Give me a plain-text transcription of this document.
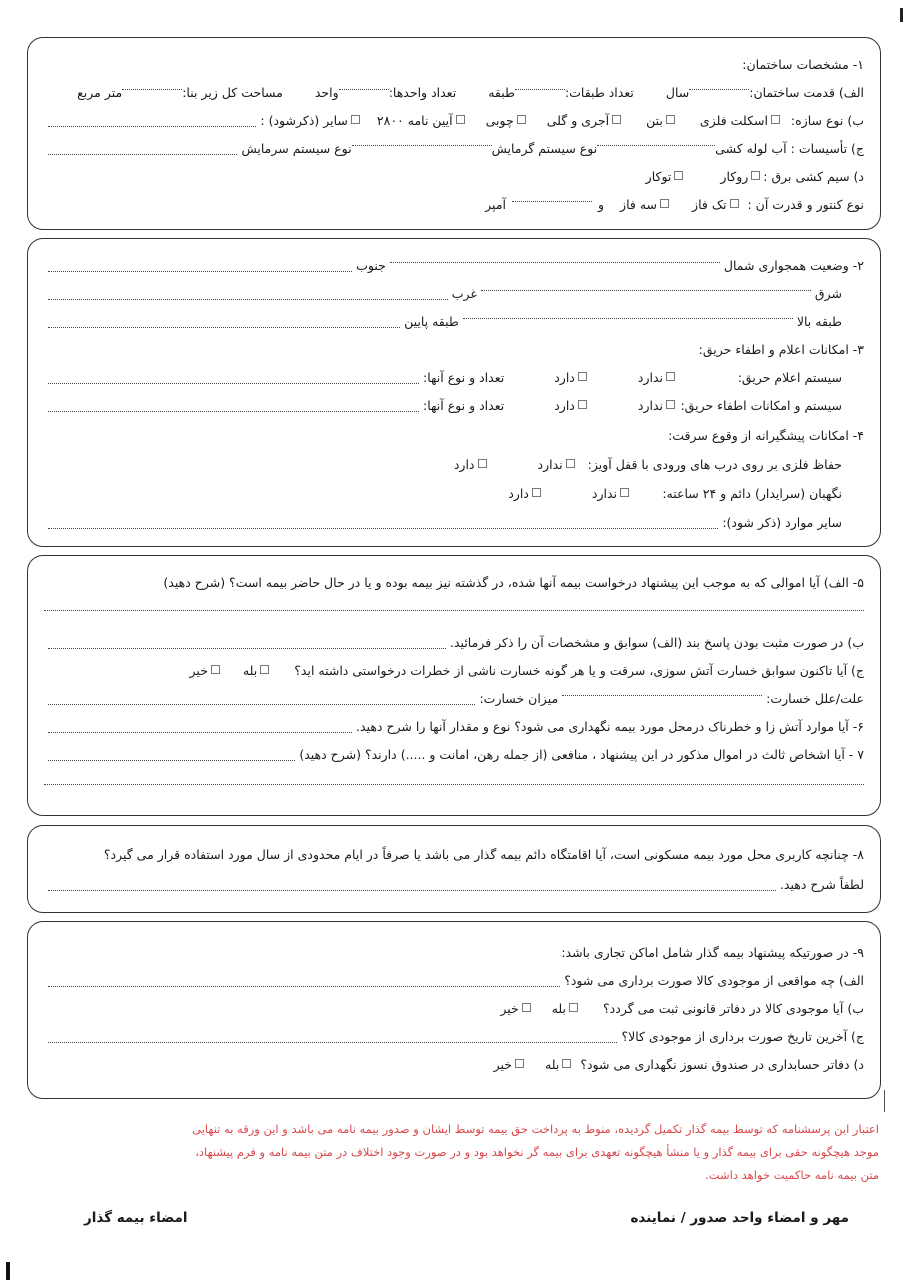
۱- مشخصات ساختمان:
الف) قدمت ساختمان:
سال
تعداد طبقات:
طبقه
تعداد واحدها:
واحد
مساحت کل زیر بنا:
متر مربع
ب) نوع سازه:
اسکلت فلزی
بتن
آجری و گلی
چوبی
آیین نامه ۲۸۰۰
سایر (ذکرشود) :
ج) تأسیسات : آب لوله کشی
نوع سیستم گرمایش
نوع سیستم سرمایش
د) سیم کشی برق :
روکار
توکار
نوع کنتور و قدرت آن :
تک فاز
سه فاز
و
آمپر
۲- وضعیت همجواری شمال
جنوب
شرق
غرب
طبقه بالا
طبقه پایین
۳- امکانات اعلام و اطفاء حریق:
سیستم اعلام حریق:
ندارد
دارد
تعداد و نوع آنها:
سیستم و امکانات اطفاء حریق:
ندارد
دارد
تعداد و نوع آنها:
۴- امکانات پیشگیرانه از وقوع سرقت:
حفاظ فلزی بر روی درب های ورودی با قفل آویز:
ندارد
دارد
نگهبان (سرایدار) دائم و ۲۴ ساعته:
ندارد
دارد
سایر موارد (ذکر شود):
۵- الف) آیا اموالی که به موجب این پیشنهاد درخواست بیمه آنها شده، در گذشته نیز بیمه بوده و یا در حال حاضر بیمه است؟ (شرح دهید)
ب) در صورت مثبت بودن پاسخ بند (الف) سوابق و مشخصات آن را ذکر فرمائید.
ج) آیا تاکنون سوابق خسارت آتش سوزی، سرقت و یا هر گونه خسارت ناشی از خطرات درخواستی داشته اید؟
بله
خیر
علت/علل خسارت:
میزان خسارت:
۶- آیا موارد آتش زا و خطرناک درمحل مورد بیمه نگهداری می شود؟ نوع و مقدار آنها را شرح دهید.
۷ - آیا اشخاص ثالث در اموال مذکور در این پیشنهاد ، منافعی (از جمله رهن، امانت و .....) دارند؟ (شرح دهید)
۸- چنانچه کاربری محل مورد بیمه مسکونی است، آیا اقامتگاه دائم بیمه گذار می باشد یا صرفاً در ایام محدودی از سال مورد استفاده قرار می گیرد؟
لطفاً شرح دهید.
۹- در صورتیکه پیشنهاد بیمه گذار شامل اماکن تجاری باشد:
الف) چه مواقعی از موجودی کالا صورت برداری می شود؟
ب) آیا موجودی کالا در دفاتر قانونی ثبت می گردد؟
بله
خیر
ج) آخرین تاریخ صورت برداری از موجودی کالا؟
د) دفاتر حسابداری در صندوق نسوز نگهداری می شود؟
بله
خیر
اعتبار این پرسشنامه که توسط بیمه گذار تکمیل گردیده، منوط به پرداخت حق بیمه توسط ایشان و صدور بیمه نامه می باشد و این ورقه به تنهایی
موجد هیچگونه حقی برای بیمه گذار و یا منشأ هیچگونه تعهدی برای بیمه گر نخواهد بود و در صورت وجود اختلاف در متن بیمه نامه و فرم پیشنهاد،
متن بیمه نامه حاکمیت خواهد داشت.
مهر و امضاء واحد صدور / نماینده
امضاء بیمه گذار
